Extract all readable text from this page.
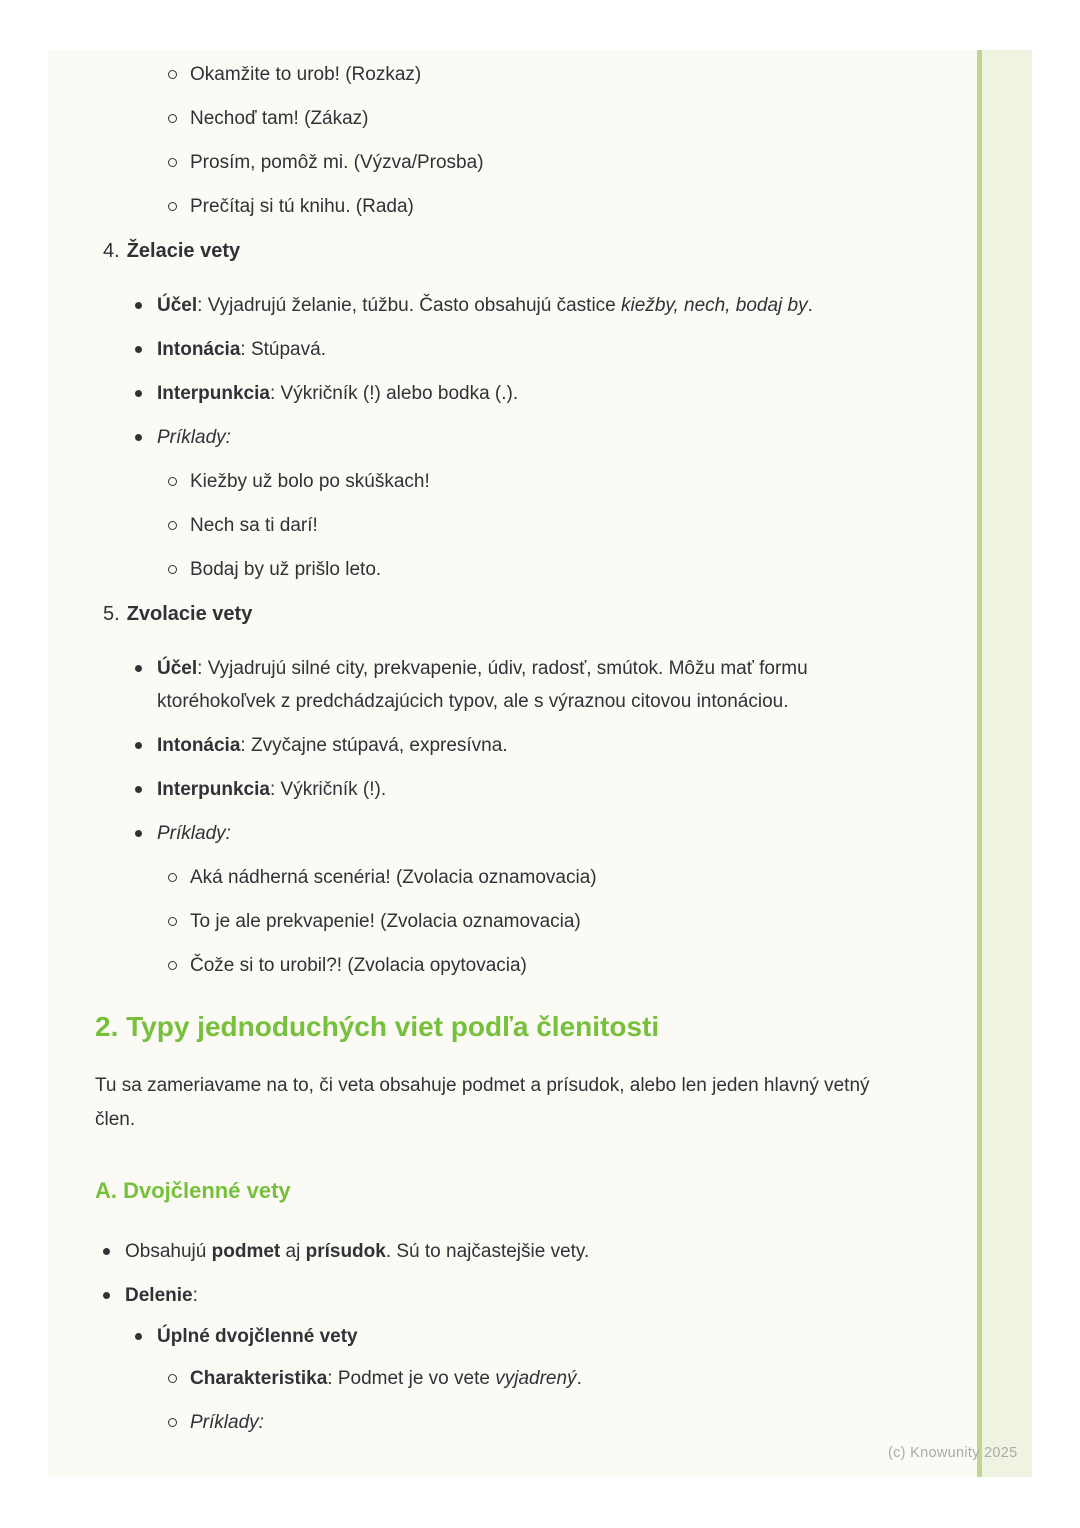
Okamžite to urob! (Rozkaz)
Nechoď tam! (Zákaz)
Prosím, pomôž mi. (Výzva/Prosba)
Prečítaj si tú knihu. (Rada)
4. Želacie vety
Účel: Vyjadrujú želanie, túžbu. Často obsahujú častice kiežby, nech, bodaj by.
Intonácia: Stúpavá.
Interpunkcia: Výkričník (!) alebo bodka (.).
Príklady:
Kiežby už bolo po skúškach!
Nech sa ti darí!
Bodaj by už prišlo leto.
5. Zvolacie vety
Účel: Vyjadrujú silné city, prekvapenie, údiv, radosť, smútok. Môžu mať formu ktoréhokoľvek z predchádzajúcich typov, ale s výraznou citovou intonáciou.
Intonácia: Zvyčajne stúpavá, expresívna.
Interpunkcia: Výkričník (!).
Príklady:
Aká nádherná scenéria! (Zvolacia oznamovacia)
To je ale prekvapenie! (Zvolacia oznamovacia)
Čože si to urobil?! (Zvolacia opytovacia)
2. Typy jednoduchých viet podľa členitosti

Tu sa zameriavame na to, či veta obsahuje podmet a prísudok, alebo len jeden hlavný vetný člen.

A. Dvojčlenné vety
Obsahujú podmet aj prísudok. Sú to najčastejšie vety.
Delenie:
Úplné dvojčlenné vety
Charakteristika: Podmet je vo vete vyjadrený.
Príklady:
(c) Knowunity 2025
